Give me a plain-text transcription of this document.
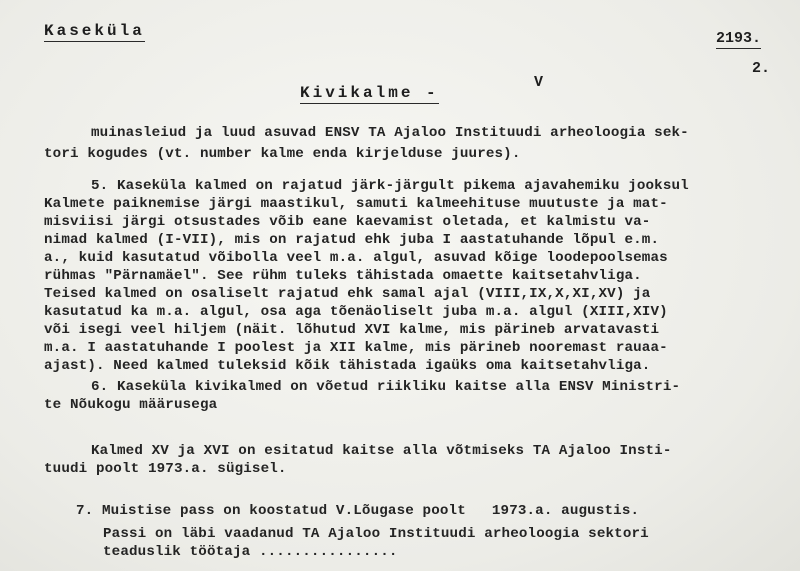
Kaseküla	2193.
2.
Kivikalme -
V
muinasleiud ja luud asuvad ENSV TA Ajaloo Instituudi arheoloogia sek-
tori kogudes (vt. number kalme enda kirjelduse juures).
5. Kaseküla kalmed on rajatud järk-järgult pikema ajavahemiku jooksul
Kalmete paiknemise järgi maastikul, samuti kalmeehituse muutuste ja mat-
misviisi järgi otsustades võib eane kaevamist oletada, et kalmistu va-
nimad kalmed (I-VII), mis on rajatud ehk juba I aastatuhande lõpul e.m.
a., kuid kasutatud võibolla veel m.a. algul, asuvad kõige loodepoolsemas
rühmas "Pärnamäel". See rühm tuleks tähistada omaette kaitsetahvliga.
Teised kalmed on osaliselt rajatud ehk samal ajal (VIII,IX,X,XI,XV) ja
kasutatud ka m.a. algul, osa aga tõenäoliselt juba m.a. algul (XIII,XIV)
või isegi veel hiljem (näit. lõhutud XVI kalme, mis pärineb arvatavasti
m.a. I aastatuhande I poolest ja XII kalme, mis pärineb nooremast rauaa-
ajast). Need kalmed tuleksid kõik tähistada igaüks oma kaitsetahvliga.
6. Kaseküla kivikalmed on võetud riikliku kaitse alla ENSV Ministri-
te Nõukogu määrusega
Kalmed XV ja XVI on esitatud kaitse alla võtmiseks TA Ajaloo Insti-
tuudi poolt 1973.a. sügisel.
7. Muistise pass on koostatud V.Lõugase poolt   1973.a. augustis.
Passi on läbi vaadanud TA Ajaloo Instituudi arheoloogia sektori
teaduslik töötaja ................
